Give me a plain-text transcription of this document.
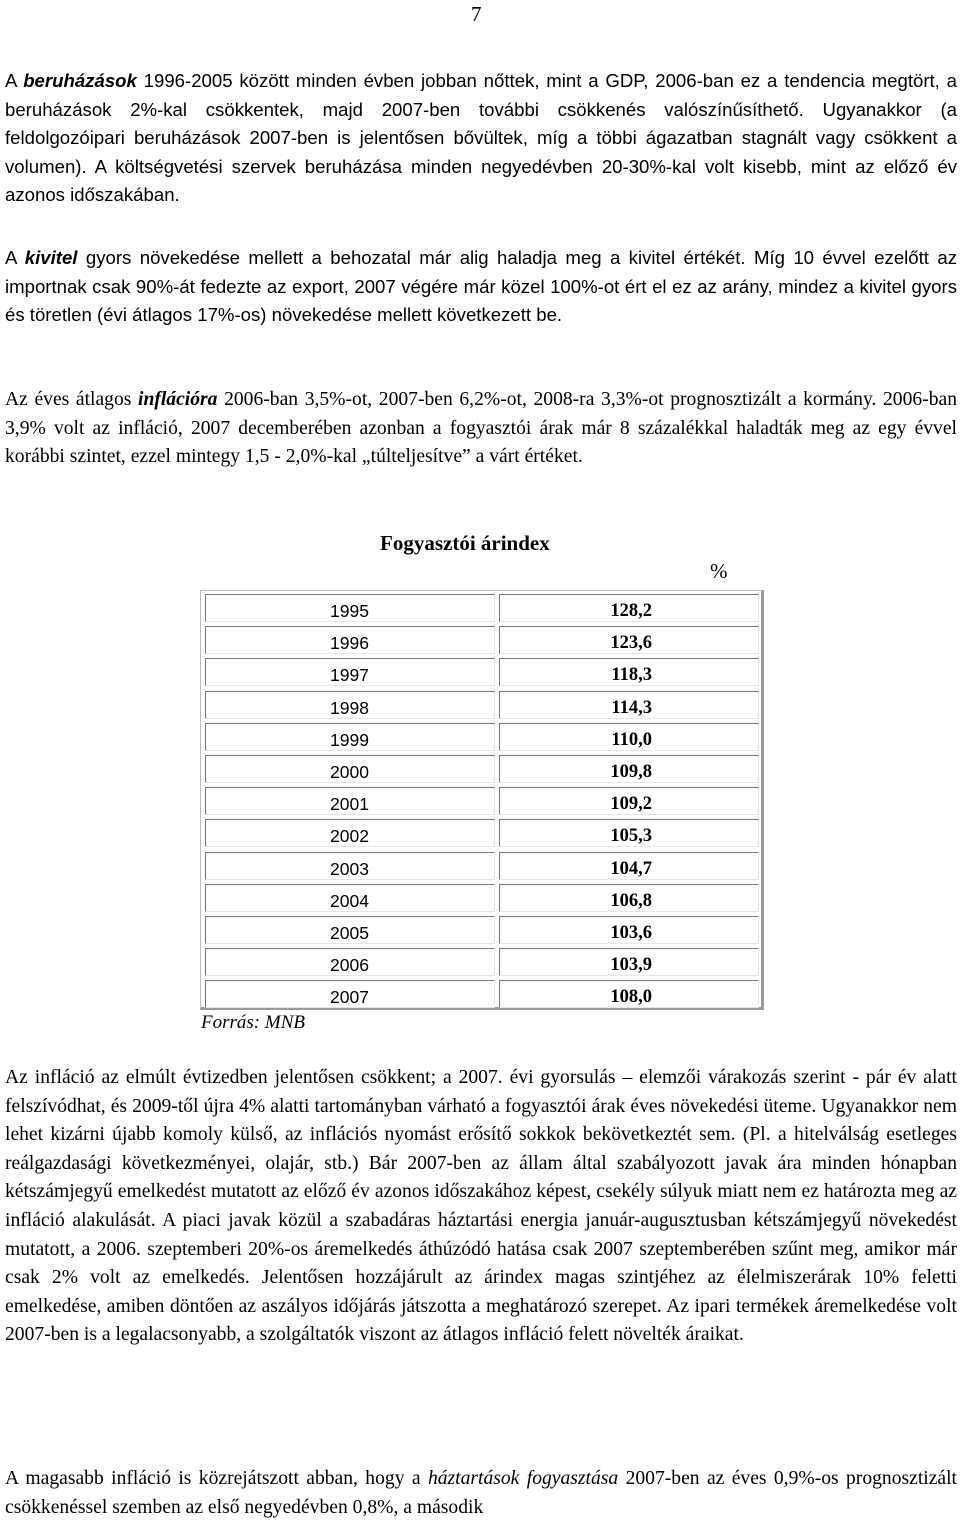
7
A beruházások 1996-2005 között minden évben jobban nőttek, mint a GDP, 2006-ban ez a tendencia megtört, a beruházások 2%-kal csökkentek, majd 2007-ben további csökkenés valószínűsíthető. Ugyanakkor (a feldolgozóipari beruházások 2007-ben is jelentősen bővültek, míg a többi ágazatban stagnált vagy csökkent a volumen). A költségvetési szervek beruházása minden negyedévben 20-30%-kal volt kisebb, mint az előző év azonos időszakában.
A kivitel gyors növekedése mellett a behozatal már alig haladja meg a kivitel értékét. Míg 10 évvel ezelőtt az importnak csak 90%-át fedezte az export, 2007 végére már közel 100%-ot ért el ez az arány, mindez a kivitel gyors és töretlen (évi átlagos 17%-os) növekedése mellett következett be.
Az éves átlagos inflációra 2006-ban 3,5%-ot, 2007-ben 6,2%-ot, 2008-ra 3,3%-ot prognosztizált a kormány. 2006-ban 3,9% volt az infláció, 2007 decemberében azonban a fogyasztói árak már 8 százalékkal haladták meg az egy évvel korábbi szintet, ezzel mintegy 1,5 - 2,0%-kal „túlteljesítve” a várt értéket.
Fogyasztói árindex
%
1995	128,2
1996	123,6
1997	118,3
1998	114,3
1999	110,0
2000	109,8
2001	109,2
2002	105,3
2003	104,7
2004	106,8
2005	103,6
2006	103,9
2007	108,0
Forrás: MNB
Az infláció az elmúlt évtizedben jelentősen csökkent; a 2007. évi gyorsulás – elemzői várakozás szerint - pár év alatt felszívódhat, és 2009-től újra 4% alatti tartományban várható a fogyasztói árak éves növekedési üteme. Ugyanakkor nem lehet kizárni újabb komoly külső, az inflációs nyomást erősítő sokkok bekövetkeztét sem. (Pl. a hitelválság esetleges reálgazdasági következményei, olajár, stb.) Bár 2007-ben az állam által szabályozott javak ára minden hónapban kétszámjegyű emelkedést mutatott az előző év azonos időszakához képest, csekély súlyuk miatt nem ez határozta meg az infláció alakulását. A piaci javak közül a szabadáras háztartási energia január-augusztusban kétszámjegyű növekedést mutatott, a 2006. szeptemberi 20%-os áremelkedés áthúzódó hatása csak 2007 szeptemberében szűnt meg, amikor már csak 2% volt az emelkedés. Jelentősen hozzájárult az árindex magas szintjéhez az élelmiszerárak 10% feletti emelkedése, amiben döntően az aszályos időjárás játszotta a meghatározó szerepet. Az ipari termékek áremelkedése volt 2007-ben is a legalacsonyabb, a szolgáltatók viszont az átlagos infláció felett növelték áraikat.
A magasabb infláció is közrejátszott abban, hogy a háztartások fogyasztása 2007-ben az éves 0,9%-os prognosztizált csökkenéssel szemben az első negyedévben 0,8%, a második
